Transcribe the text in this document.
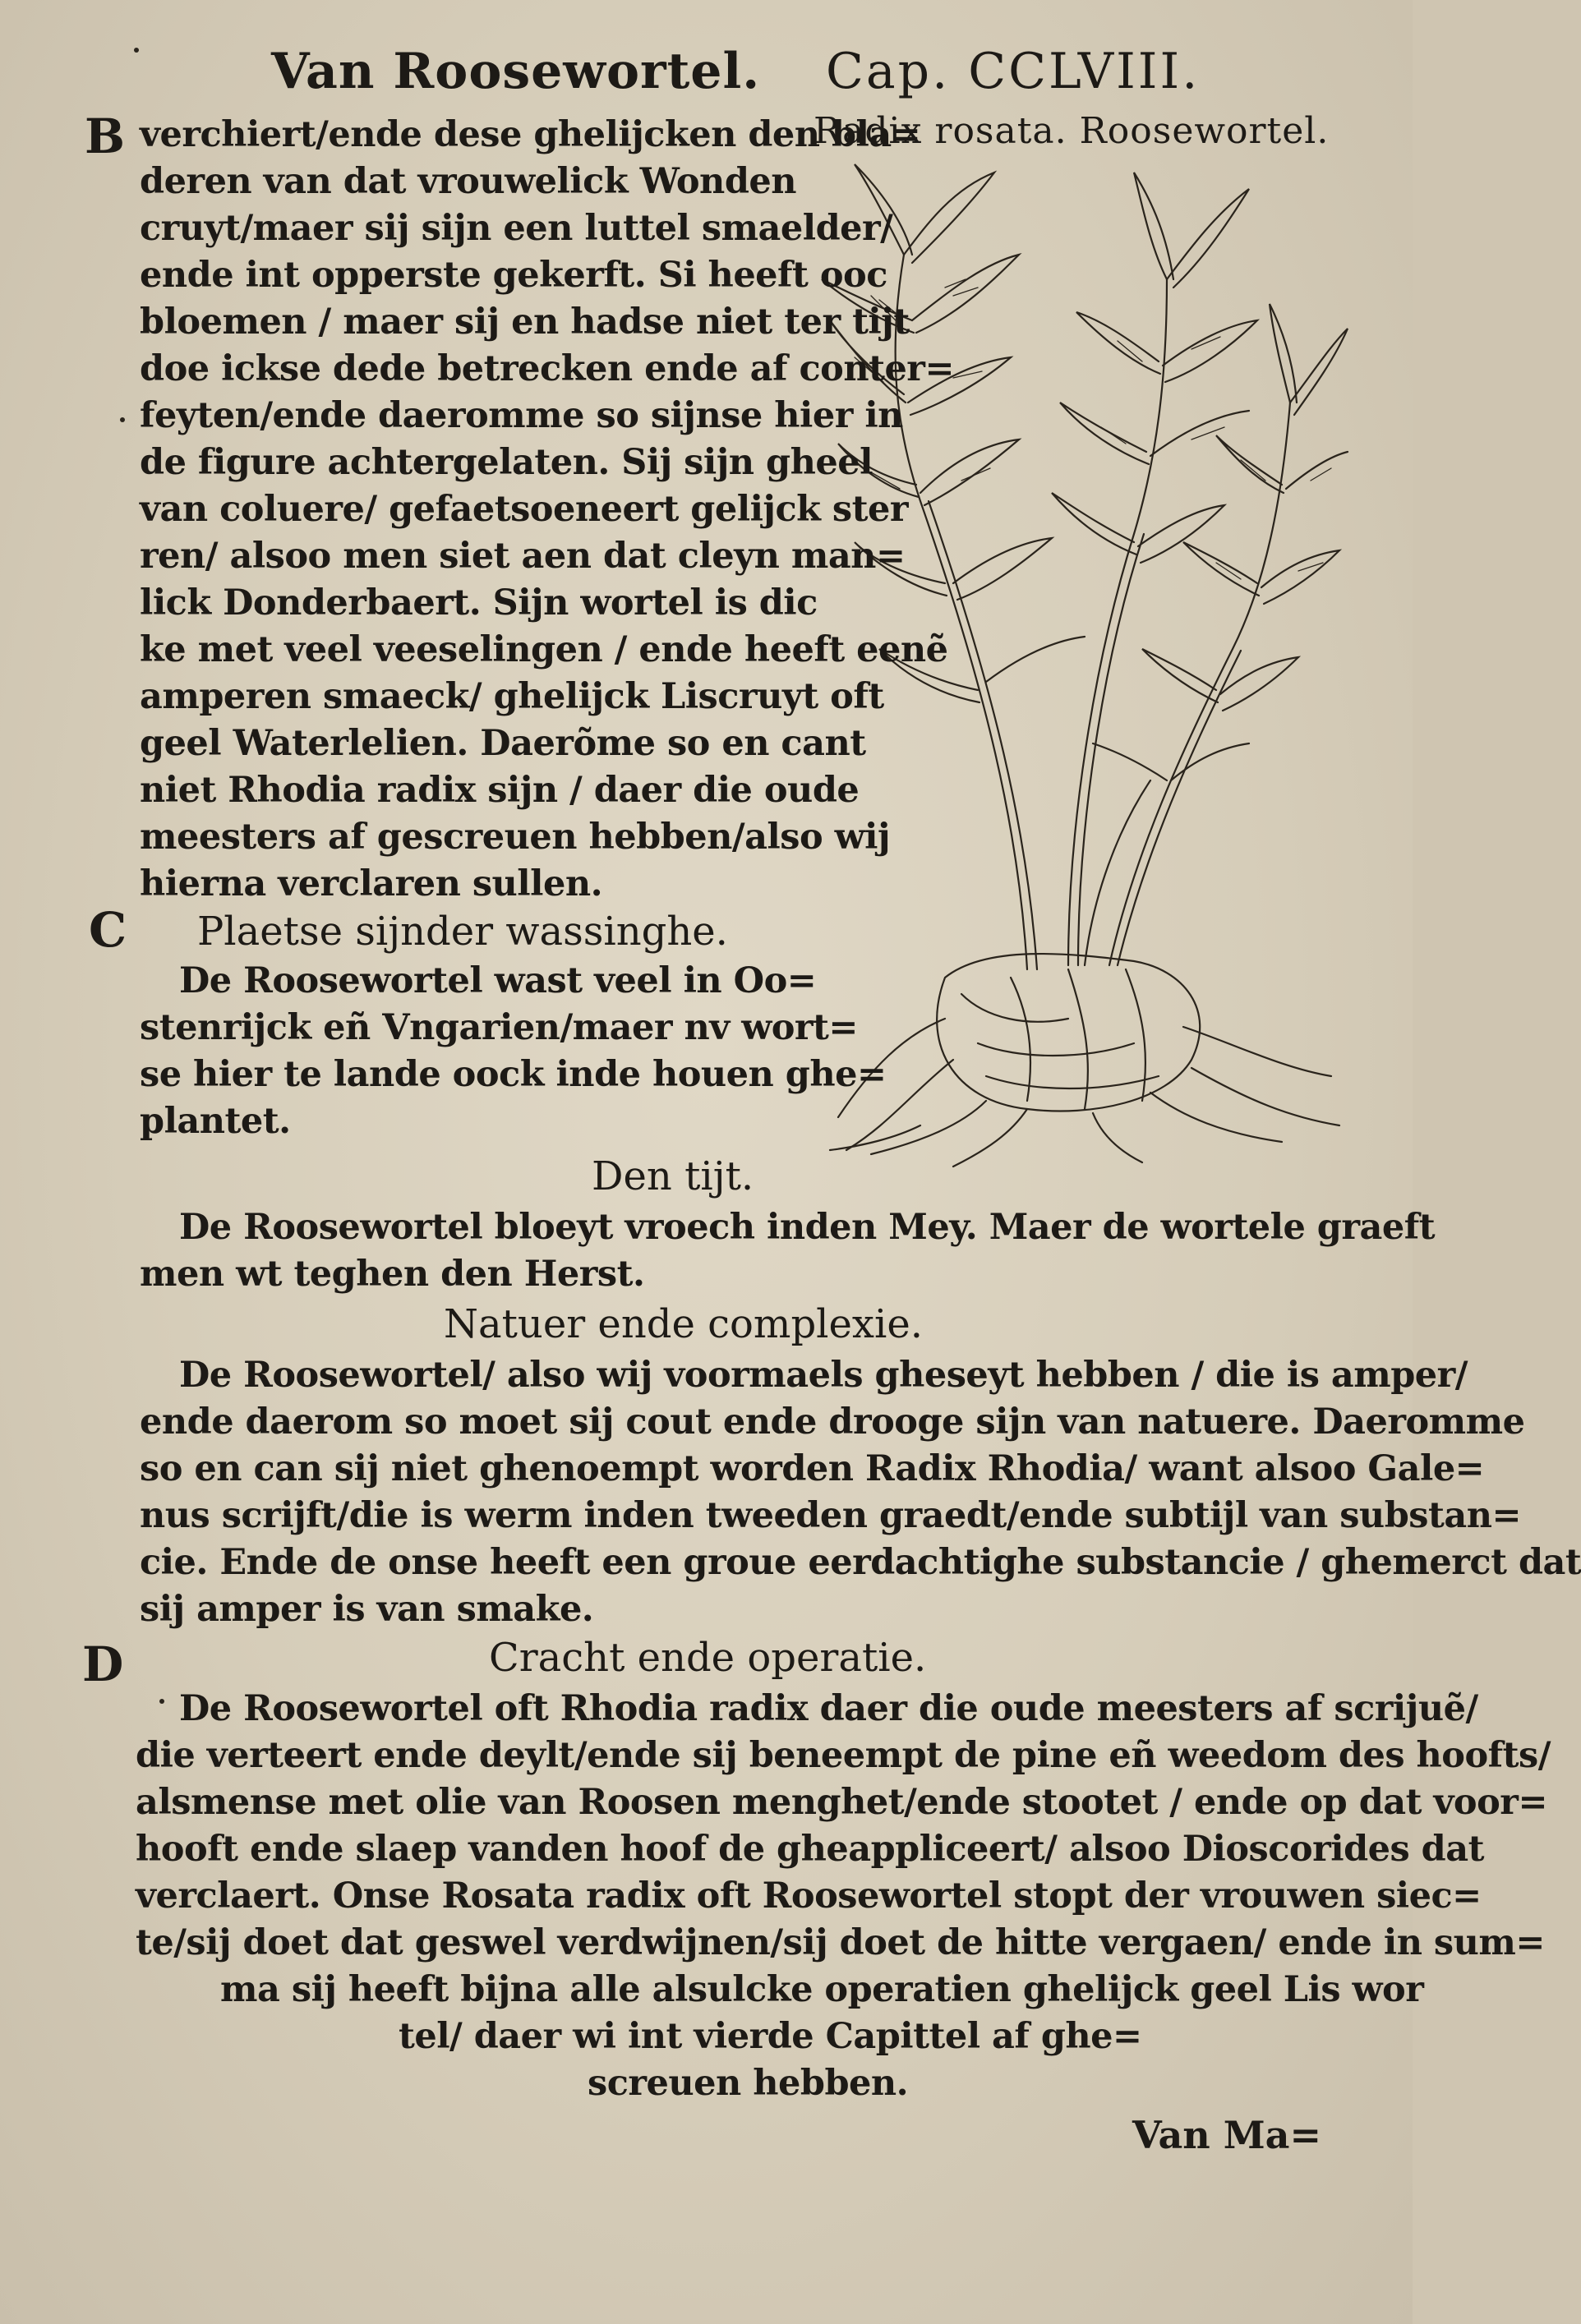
Van Roosewortel. Cap. CCLVIII.
Radix rosata. Roosewortel.
B
C
D
verchiert/ende dese ghelijcken den bla=
deren van dat vrouwelick Wonden
cruyt/maer sij sijn een luttel smaelder/
ende int opperste gekerft. Si heeft ooc
bloemen / maer sij en hadse niet ter tijt
doe ickse dede betrecken ende af conter=
feyten/ende daeromme so sijnse hier in
de figure achtergelaten. Sij sijn gheel
van coluere/ gefaetsoeneert gelijck ster
ren/ alsoo men siet aen dat cleyn man=
lick Donderbaert. Sijn wortel is dic
ke met veel veeselingen / ende heeft eenẽ
amperen smaeck/ ghelijck Liscruyt oft
geel Waterlelien. Daerõme so en cant
niet Rhodia radix sijn / daer die oude
meesters af gescreuen hebben/also wij
hierna verclaren sullen.
Plaetse sijnder wassinghe.
De Roosewortel wast veel in Oo=
stenrijck eñ Vngarien/maer nv wort=
se hier te lande oock inde houen ghe=
plantet.
Den tijt.
De Roosewortel bloeyt vroech inden Mey. Maer de wortele graeft
men wt teghen den Herst.
Natuer ende complexie.
De Roosewortel/ also wij voormaels gheseyt hebben / die is amper/
ende daerom so moet sij cout ende drooge sijn van natuere. Daeromme
so en can sij niet ghenoempt worden Radix Rhodia/ want alsoo Gale=
nus scrijft/die is werm inden tweeden graedt/ende subtijl van substan=
cie. Ende de onse heeft een groue eerdachtighe substancie / ghemerct dat
sij amper is van smake.
Cracht ende operatie.
De Roosewortel oft Rhodia radix daer die oude meesters af scrijuẽ/
die verteert ende deylt/ende sij beneempt de pine eñ weedom des hoofts/
alsmense met olie van Roosen menghet/ende stootet / ende op dat voor=
hooft ende slaep vanden hoof de gheappliceert/ alsoo Dioscorides dat
verclaert. Onse Rosata radix oft Roosewortel stopt der vrouwen siec=
te/sij doet dat geswel verdwijnen/sij doet de hitte vergaen/ ende in sum=
ma sij heeft bijna alle alsulcke operatien ghelijck geel Lis wor
tel/ daer wi int vierde Capittel af ghe=
screuen hebben.
Van Ma=
